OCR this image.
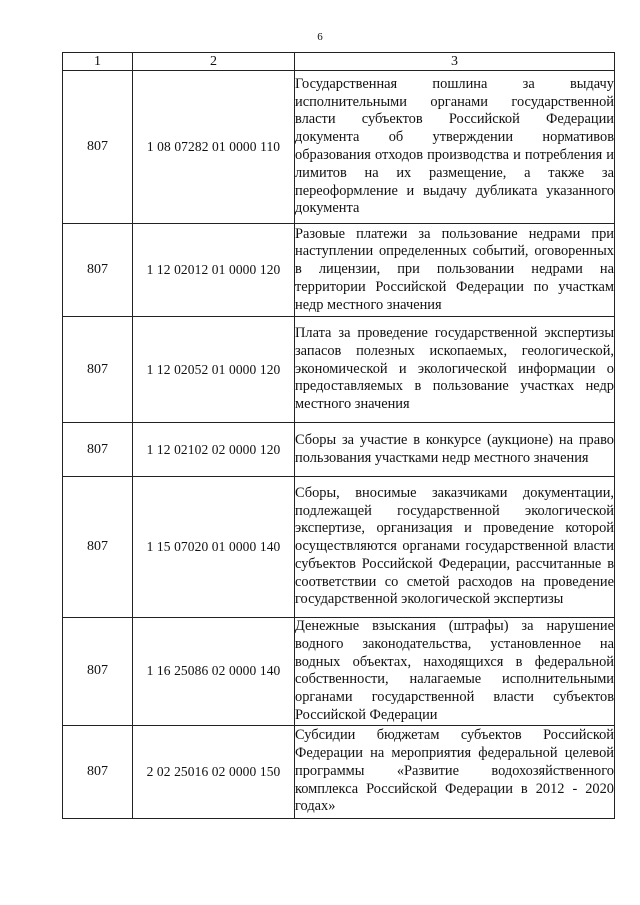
6
1	2	3
807	1 08 07282 01 0000 110	Государственная пошлина за выдачу исполнительными органами государственной власти субъектов Российской Федерации документа об утверждении нормативов образования отходов производства и потребления и лимитов на их размещение, а также за переоформление и выдачу дубликата указанного документа

807	1 12 02012 01 0000 120	Разовые платежи за пользование недрами при наступлении определенных событий, оговоренных в лицензии, при пользовании недрами на территории Российской Федерации по участкам недр местного значения

807	1 12 02052 01 0000 120	Плата за проведение государственной экспертизы запасов полезных ископаемых, геологической, экономической и экологической информации о предоставляемых в пользование участках недр местного значения

807	1 12 02102 02 0000 120	Сборы за участие в конкурсе (аукционе) на право пользования участками недр местного значения

807	1 15 07020 01 0000 140	Сборы, вносимые заказчиками документации, подлежащей государственной экологической экспертизе, организация и проведение которой осуществляются органами государственной власти субъектов Российской Федерации, рассчитанные в соответствии со сметой расходов на проведение государственной экологической экспертизы

807	1 16 25086 02 0000 140	Денежные взыскания (штрафы) за нарушение водного законодательства, установленное на водных объектах, находящихся в федеральной собственности, налагаемые исполнительными органами государственной власти субъектов Российской Федерации

807	2 02 25016 02 0000 150	Субсидии бюджетам субъектов Российской Федерации на мероприятия федеральной целевой программы «Развитие водохозяйственного комплекса Российской Федерации в 2012 - 2020 годах»
